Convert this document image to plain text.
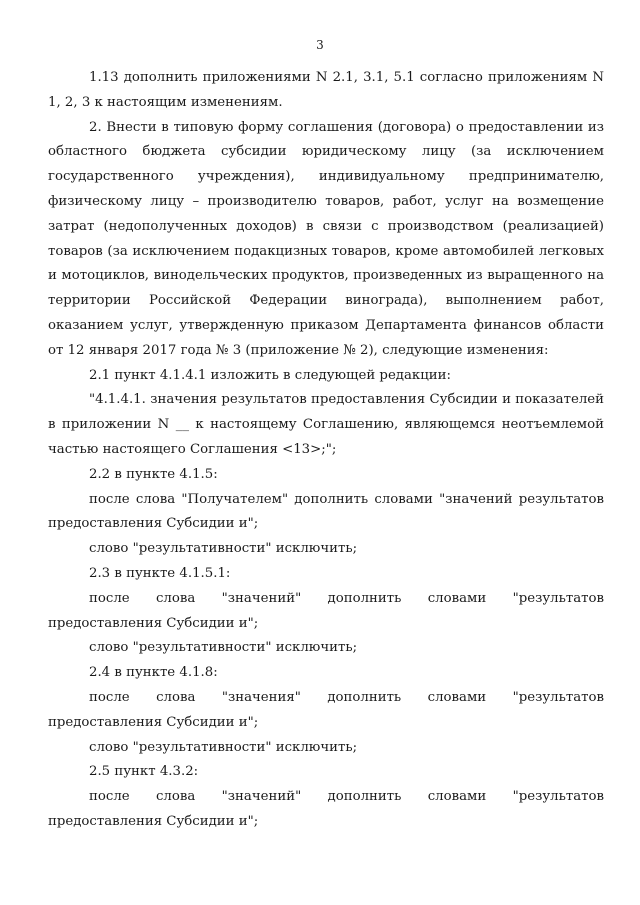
3

1.13 дополнить приложениями N 2.1, 3.1, 5.1 согласно приложениям N 1, 2, 3 к настоящим изменениям.

2. Внести в типовую форму соглашения (договора) о предоставлении из областного бюджета субсидии юридическому лицу (за исключением государственного учреждения), индивидуальному предпринимателю, физическому лицу – производителю товаров, работ, услуг на возмещение затрат (недополученных доходов) в связи с производством (реализацией) товаров (за исключением подакцизных товаров, кроме автомобилей легковых и мотоциклов, винодельческих продуктов, произведенных из выращенного на территории Российской Федерации винограда), выполнением работ, оказанием услуг, утвержденную приказом Департамента финансов области от 12 января 2017 года № 3 (приложение № 2), следующие изменения:

2.1 пункт 4.1.4.1 изложить в следующей редакции:

"4.1.4.1. значения результатов предоставления Субсидии и показателей в приложении N __ к настоящему Соглашению, являющемся неотъемлемой частью настоящего Соглашения <13>;";

2.2 в пункте 4.1.5:

после слова "Получателем" дополнить словами "значений результатов предоставления Субсидии и";

слово "результативности" исключить;

2.3 в пункте 4.1.5.1:

после слова "значений" дополнить словами "результатов предоставления Субсидии и";

слово "результативности" исключить;

2.4 в пункте 4.1.8:

после слова "значения" дополнить словами "результатов предоставления Субсидии и";

слово "результативности" исключить;

2.5 пункт 4.3.2:

после слова "значений" дополнить словами "результатов предоставления Субсидии и";
